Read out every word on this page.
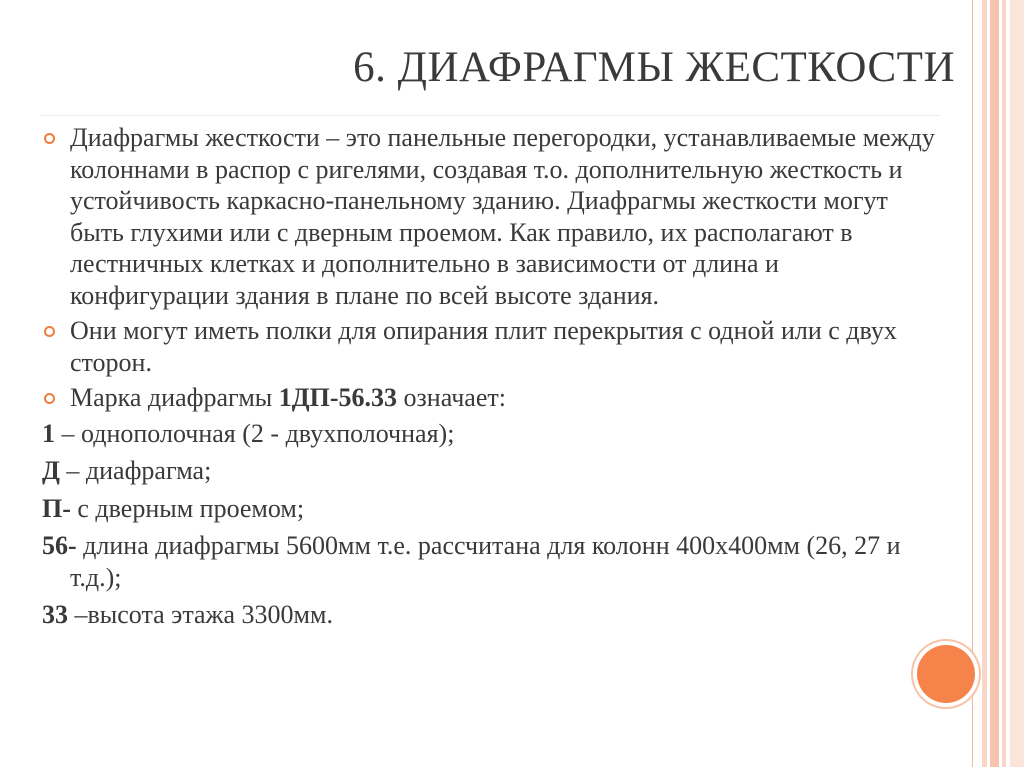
6. ДИАФРАГМЫ ЖЕСТКОСТИ
Диафрагмы жесткости – это панельные перегородки, устанавливаемые между колоннами в распор с ригелями, создавая т.о. дополнительную жесткость и устойчивость каркасно-панельному зданию. Диафрагмы жесткости могут быть глухими или с дверным проемом. Как правило, их располагают в лестничных клетках и дополнительно в зависимости от длина и конфигурации здания в плане по всей высоте здания.
Они могут иметь полки для опирания плит перекрытия с одной или с двух сторон.
Марка диафрагмы 1ДП-56.33 означает:
1 – однополочная (2 - двухполочная);
Д – диафрагма;
П- с дверным проемом;
56- длина диафрагмы 5600мм т.е. рассчитана для колонн 400х400мм (26, 27 и т.д.);
33 –высота этажа 3300мм.
